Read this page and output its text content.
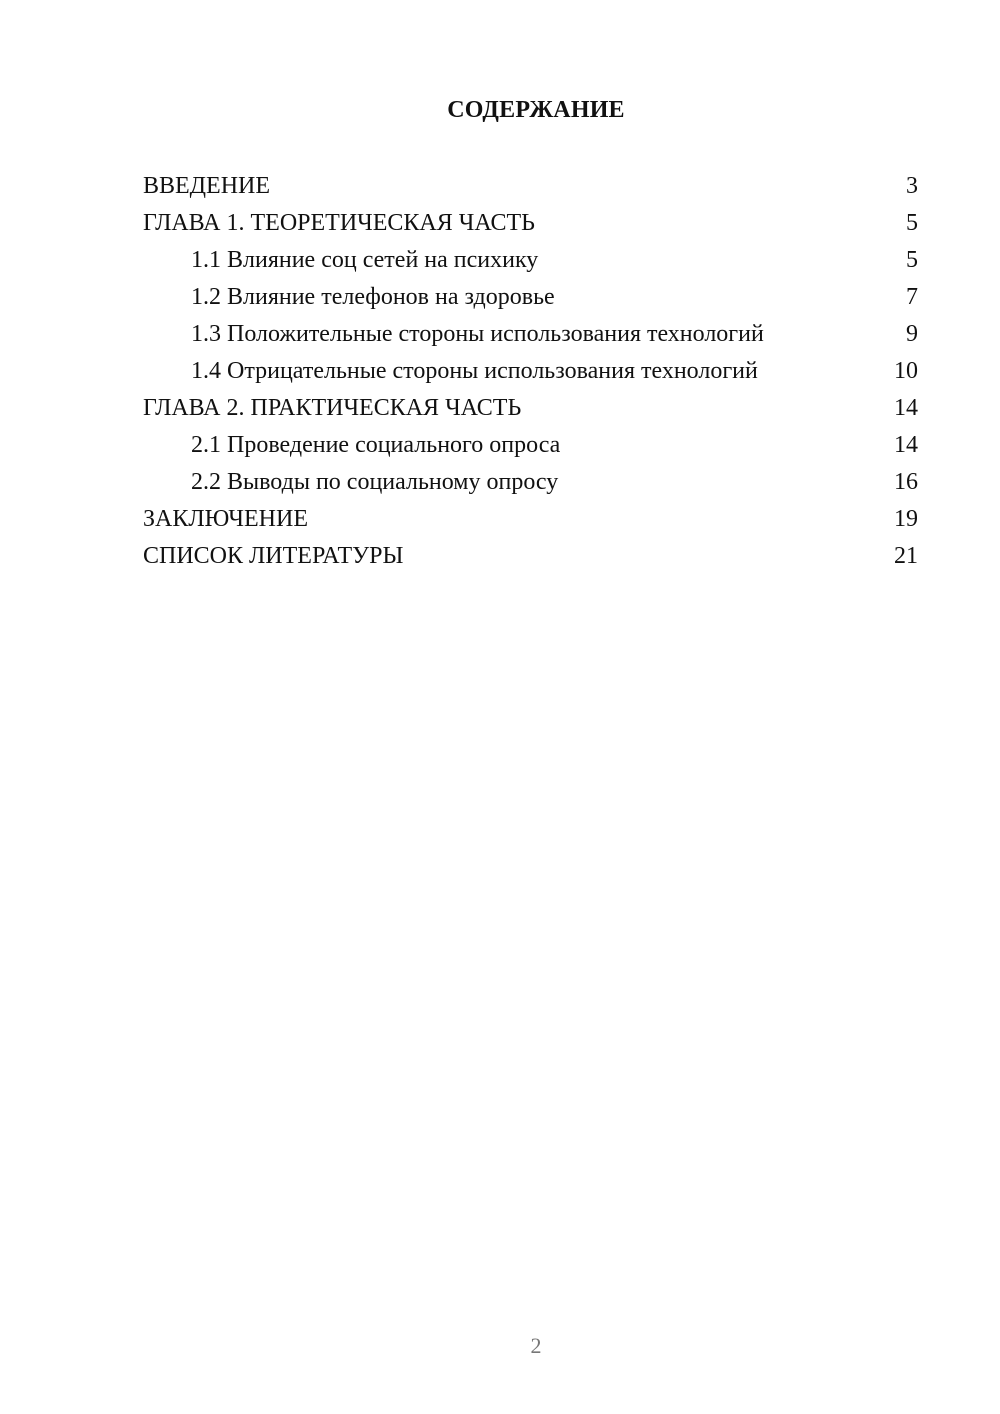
СОДЕРЖАНИЕ
ВВЕДЕНИЕ	3
ГЛАВА 1. ТЕОРЕТИЧЕСКАЯ ЧАСТЬ	5
1.1 Влияние соц сетей на психику	5
1.2 Влияние телефонов на здоровье	7
1.3 Положительные стороны использования технологий	9
1.4 Отрицательные стороны использования технологий	10
ГЛАВА 2. ПРАКТИЧЕСКАЯ ЧАСТЬ	14
2.1 Проведение социального опроса	14
2.2 Выводы по социальному опросу	16
ЗАКЛЮЧЕНИЕ	19
СПИСОК ЛИТЕРАТУРЫ	21
2
